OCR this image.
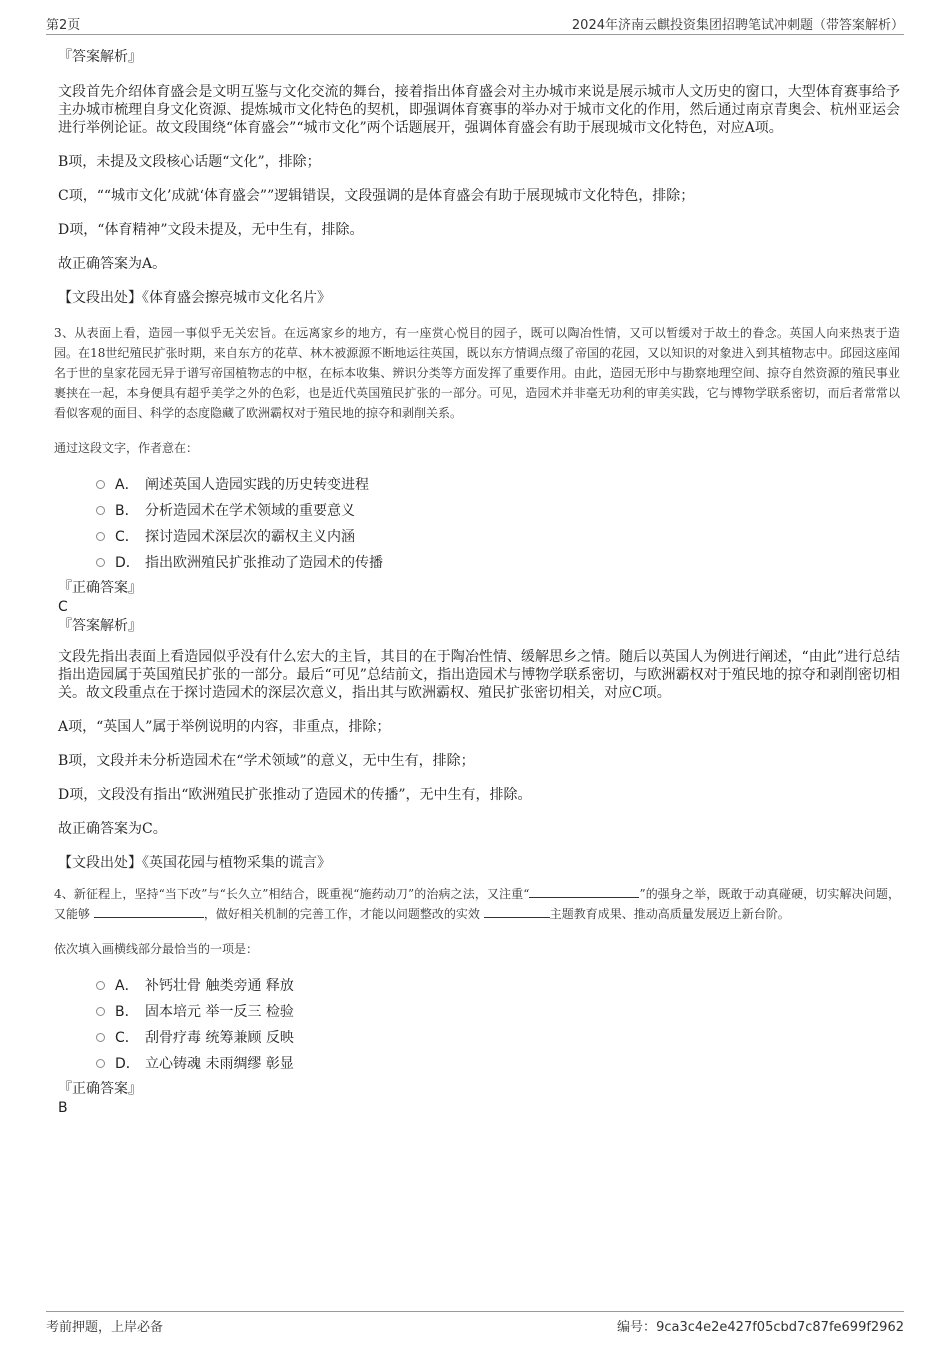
第2页	2024年济南云麒投资集团招聘笔试冲刺题（带答案解析）
『答案解析』

文段首先介绍体育盛会是文明互鉴与文化交流的舞台，接着指出体育盛会对主办城市来说是展示城市人文历史的窗口，大型体育赛事给予主办城市梳理自身文化资源、提炼城市文化特色的契机，即强调体育赛事的举办对于城市文化的作用，然后通过南京青奥会、杭州亚运会进行举例论证。故文段围绕“体育盛会”“城市文化”两个话题展开，强调体育盛会有助于展现城市文化特色，对应A项。

B项，未提及文段核心话题“文化”，排除；

C项，““城市文化’成就‘体育盛会””逻辑错误，文段强调的是体育盛会有助于展现城市文化特色，排除；

D项，“体育精神”文段未提及，无中生有，排除。

故正确答案为A。

【文段出处】《体育盛会擦亮城市文化名片》

3、从表面上看，造园一事似乎无关宏旨。在远离家乡的地方，有一座赏心悦目的园子，既可以陶冶性情，又可以暂缓对于故土的眷念。英国人向来热衷于造园。在18世纪殖民扩张时期，来自东方的花草、林木被源源不断地运往英国，既以东方情调点缀了帝国的花园，又以知识的对象进入到其植物志中。邱园这座闻名于世的皇家花园无异于谱写帝国植物志的中枢，在标本收集、辨识分类等方面发挥了重要作用。由此，造园无形中与勘察地理空间、掠夺自然资源的殖民事业裹挟在一起，本身便具有超乎美学之外的色彩，也是近代英国殖民扩张的一部分。可见，造园术并非毫无功利的审美实践，它与博物学联系密切，而后者常常以看似客观的面目、科学的态度隐藏了欧洲霸权对于殖民地的掠夺和剥削关系。

通过这段文字，作者意在：

A． 阐述英国人造园实践的历史转变进程
B． 分析造园术在学术领域的重要意义
C． 探讨造园术深层次的霸权主义内涵
D． 指出欧洲殖民扩张推动了造园术的传播
『正确答案』
C
『答案解析』

文段先指出表面上看造园似乎没有什么宏大的主旨，其目的在于陶冶性情、缓解思乡之情。随后以英国人为例进行阐述，“由此”进行总结指出造园属于英国殖民扩张的一部分。最后“可见”总结前文，指出造园术与博物学联系密切，与欧洲霸权对于殖民地的掠夺和剥削密切相关。故文段重点在于探讨造园术的深层次意义，指出其与欧洲霸权、殖民扩张密切相关，对应C项。

A项，“英国人”属于举例说明的内容，非重点，排除；

B项，文段并未分析造园术在“学术领域”的意义，无中生有，排除；

D项，文段没有指出“欧洲殖民扩张推动了造园术的传播”，无中生有，排除。

故正确答案为C。

【文段出处】《英国花园与植物采集的谎言》

4、新征程上，坚持“当下改”与“长久立”相结合，既重视“施药动刀”的治病之法，又注重“	”的强身之举，既敢于动真碰硬，切实解决问题，又能够	，做好相关机制的完善工作，才能以问题整改的实效	主题教育成果、推动高质量发展迈上新台阶。

依次填入画横线部分最恰当的一项是：

A． 补钙壮骨 触类旁通 释放
B． 固本培元 举一反三 检验
C． 刮骨疗毒 统筹兼顾 反映
D． 立心铸魂 未雨绸缪 彰显
『正确答案』
B
考前押题，上岸必备	编号：9ca3c4e2e427f05cbd7c87fe699f2962
